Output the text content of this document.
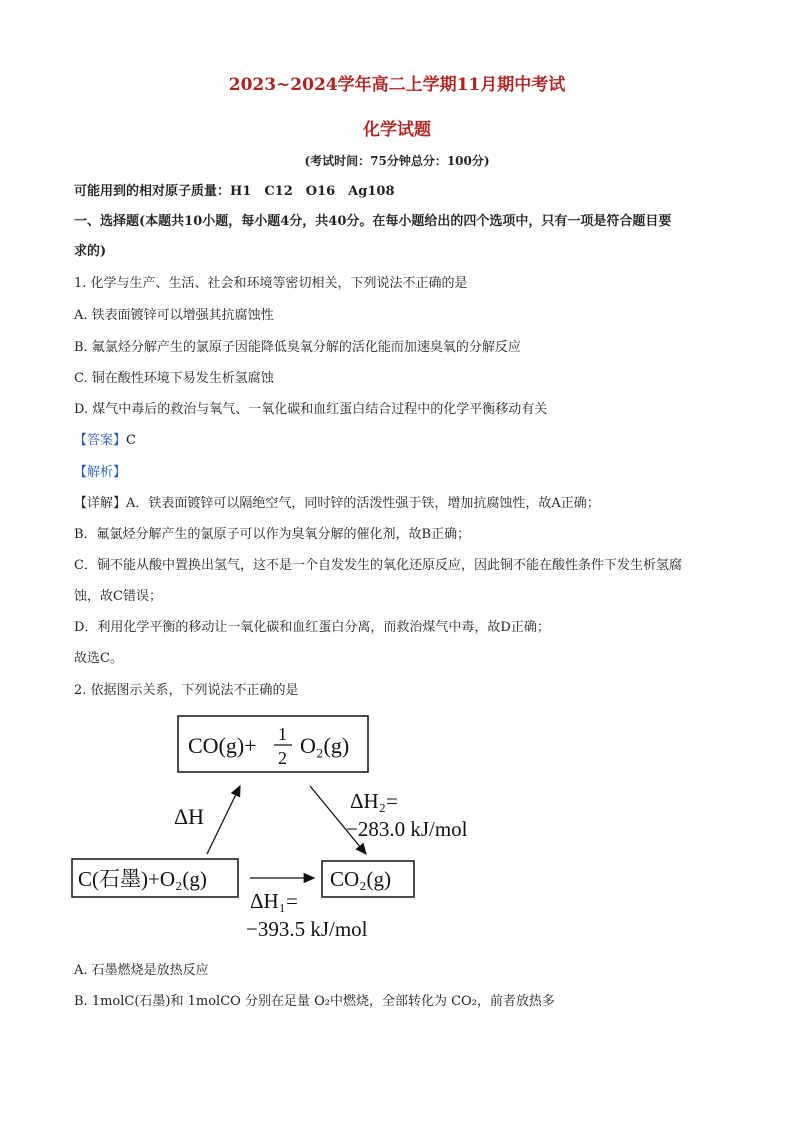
2023~2024学年高二上学期11月期中考试
化学试题
(考试时间：75分钟总分：100分)
可能用到的相对原子质量：H1　C12　O16　Ag108
一、选择题(本题共10小题，每小题4分，共40分。在每小题给出的四个选项中，只有一项是符合题目要
求的)
1. 化学与生产、生活、社会和环境等密切相关，下列说法不正确的是
A. 铁表面镀锌可以增强其抗腐蚀性
B. 氟氯烃分解产生的氯原子因能降低臭氧分解的活化能而加速臭氧的分解反应
C. 铜在酸性环境下易发生析氢腐蚀
D. 煤气中毒后的救治与氧气、一氧化碳和血红蛋白结合过程中的化学平衡移动有关
【答案】C
【解析】
【详解】A．铁表面镀锌可以隔绝空气，同时锌的活泼性强于铁，增加抗腐蚀性，故A正确；
B．氟氯烃分解产生的氯原子可以作为臭氧分解的催化剂，故B正确；
C．铜不能从酸中置换出氢气，这不是一个自发发生的氧化还原反应，因此铜不能在酸性条件下发生析氢腐
蚀，故C错误；
D．利用化学平衡的移动让一氧化碳和血红蛋白分离，而救治煤气中毒，故D正确；
故选C。
2. 依据图示关系，下列说法不正确的是
CO(g)+ 1
2 O₂(g)
C(石墨)+O₂(g)	CO₂(g)
ΔH
ΔH₂=
−283.0 kJ/mol
ΔH₁=
−393.5 kJ/mol
A. 石墨燃烧是放热反应
B. 1molC(石墨)和 1molCO 分别在足量 O₂中燃烧，全部转化为 CO₂，前者放热多
